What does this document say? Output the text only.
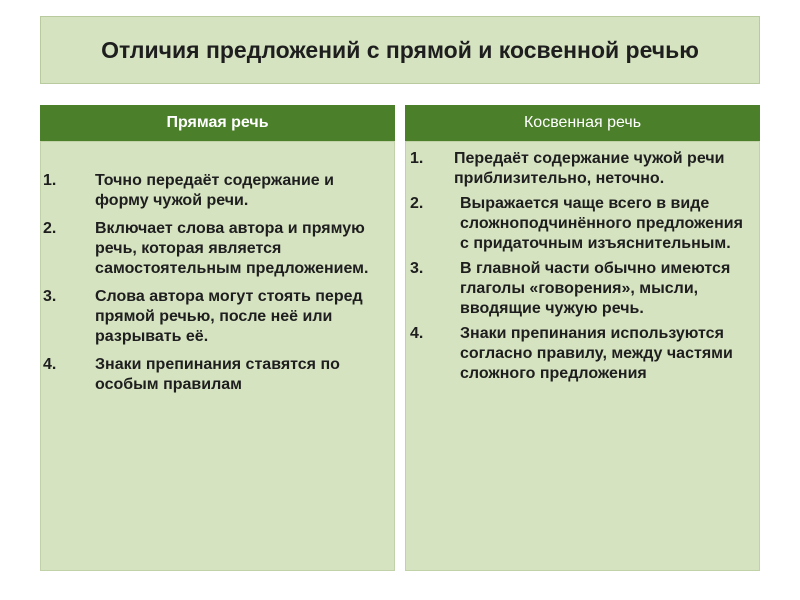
Отличия предложений с прямой и косвенной речью
Прямая речь	Косвенная речь
1. Точно передаёт содержание и форму чужой речи.
2. Включает слова автора и прямую речь, которая является самостоятельным предложением.
3. Слова автора могут стоять перед прямой речью, после неё или разрывать её.
4. Знаки препинания ставятся по особым правилам
1. Передаёт содержание чужой речи приблизительно, неточно.
2. Выражается чаще всего в виде сложноподчинённого предложения с придаточным изъяснительным.
3. В главной части обычно имеются глаголы «говорения», мысли, вводящие чужую речь.
4. Знаки препинания используются согласно правилу, между частями сложного предложения
